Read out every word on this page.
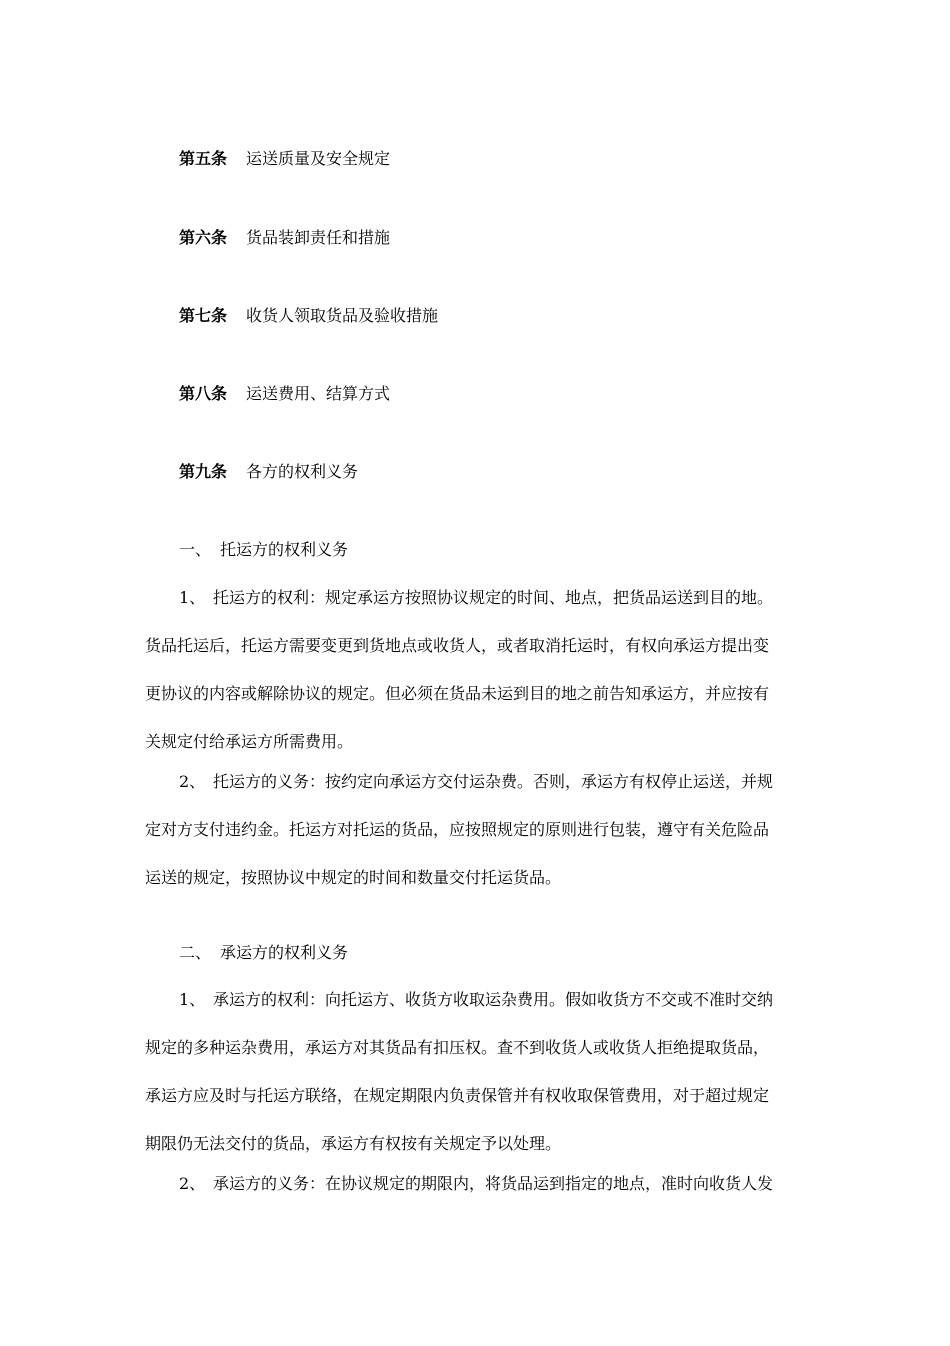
第五条 运送质量及安全规定
第六条 货品装卸责任和措施
第七条 收货人领取货品及验收措施
第八条 运送费用、结算方式
第九条 各方的权利义务
一、 托运方的权利义务
1、 托运方的权利：规定承运方按照协议规定的时间、地点，把货品运送到目的地。
货品托运后，托运方需要变更到货地点或收货人，或者取消托运时，有权向承运方提出变
更协议的内容或解除协议的规定。但必须在货品未运到目的地之前告知承运方，并应按有
关规定付给承运方所需费用。
2、 托运方的义务：按约定向承运方交付运杂费。否则，承运方有权停止运送，并规
定对方支付违约金。托运方对托运的货品，应按照规定的原则进行包装，遵守有关危险品
运送的规定，按照协议中规定的时间和数量交付托运货品。
二、 承运方的权利义务
1、 承运方的权利：向托运方、收货方收取运杂费用。假如收货方不交或不准时交纳
规定的多种运杂费用，承运方对其货品有扣压权。查不到收货人或收货人拒绝提取货品，
承运方应及时与托运方联络，在规定期限内负责保管并有权收取保管费用，对于超过规定
期限仍无法交付的货品，承运方有权按有关规定予以处理。
2、 承运方的义务：在协议规定的期限内，将货品运到指定的地点，准时向收货人发
